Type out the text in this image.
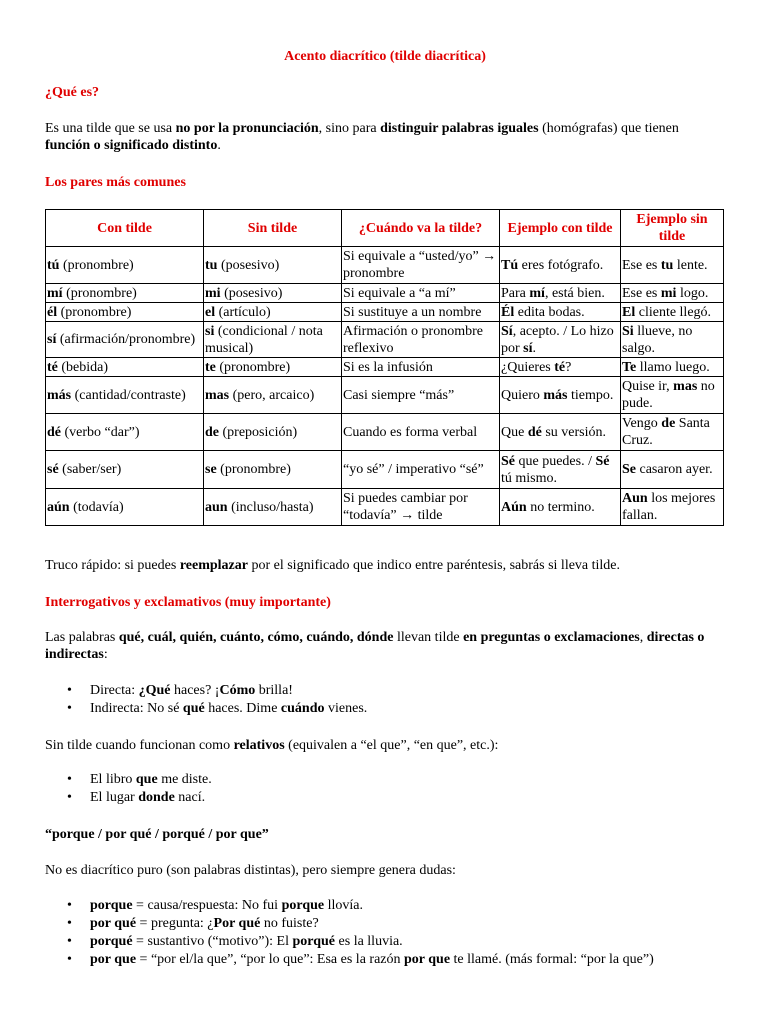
Acento diacrítico (tilde diacrítica)
¿Qué es?
Es una tilde que se usa no por la pronunciación, sino para distinguir palabras iguales (homógrafas) que tienen función o significado distinto.
Los pares más comunes
Con tilde	Sin tilde	¿Cuándo va la tilde?	Ejemplo con tilde	Ejemplo sin tilde
tú (pronombre)	tu (posesivo)	Si equivale a “usted/yo” → pronombre	Tú eres fotógrafo.	Ese es tu lente.
mí (pronombre)	mi (posesivo)	Si equivale a “a mí”	Para mí, está bien.	Ese es mi logo.
él (pronombre)	el (artículo)	Si sustituye a un nombre	Él edita bodas.	El cliente llegó.
sí (afirmación/pronombre)	si (condicional / nota musical)	Afirmación o pronombre reflexivo	Sí, acepto. / Lo hizo por sí.	Si llueve, no salgo.
té (bebida)	te (pronombre)	Si es la infusión	¿Quieres té?	Te llamo luego.
más (cantidad/contraste)	mas (pero, arcaico)	Casi siempre “más”	Quiero más tiempo.	Quise ir, mas no pude.
dé (verbo “dar”)	de (preposición)	Cuando es forma verbal	Que dé su versión.	Vengo de Santa Cruz.
sé (saber/ser)	se (pronombre)	“yo sé” / imperativo “sé”	Sé que puedes. / Sé tú mismo.	Se casaron ayer.
aún (todavía)	aun (incluso/hasta)	Si puedes cambiar por “todavía” → tilde	Aún no termino.	Aun los mejores fallan.
Truco rápido: si puedes reemplazar por el significado que indico entre paréntesis, sabrás si lleva tilde.
Interrogativos y exclamativos (muy importante)
Las palabras qué, cuál, quién, cuánto, cómo, cuándo, dónde llevan tilde en preguntas o exclamaciones, directas o indirectas:
• Directa: ¿Qué haces? ¡Cómo brilla!
• Indirecta: No sé qué haces. Dime cuándo vienes.
Sin tilde cuando funcionan como relativos (equivalen a “el que”, “en que”, etc.):
• El libro que me diste.
• El lugar donde nací.
“porque / por qué / porqué / por que”
No es diacrítico puro (son palabras distintas), pero siempre genera dudas:
• porque = causa/respuesta: No fui porque llovía.
• por qué = pregunta: ¿Por qué no fuiste?
• porqué = sustantivo (“motivo”): El porqué es la lluvia.
• por que = “por el/la que”, “por lo que”: Esa es la razón por que te llamé. (más formal: “por la que”)
